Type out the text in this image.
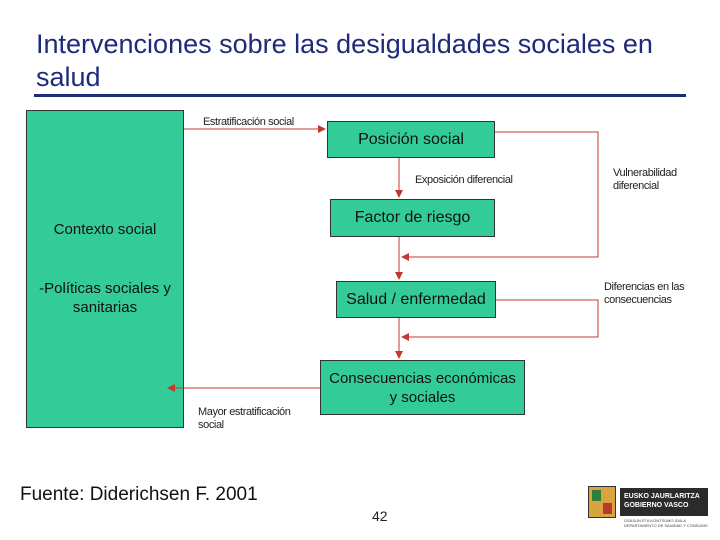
Intervenciones sobre las desigualdades sociales en salud
Contexto social
-Políticas sociales y
sanitarias
Posición social
Factor de riesgo
Salud / enfermedad
Consecuencias económicas
y sociales
Estratificación social
Exposición diferencial
Vulnerabilidad
diferencial
Diferencias en las
consecuencias
Mayor estratificación
social
Fuente: Diderichsen F. 2001
42
EUSKO JAURLARITZA
GOBIERNO VASCO
OSASUN ETA KONTSUMO SAILA
DEPARTAMENTO DE SANIDAD Y CONSUMO
